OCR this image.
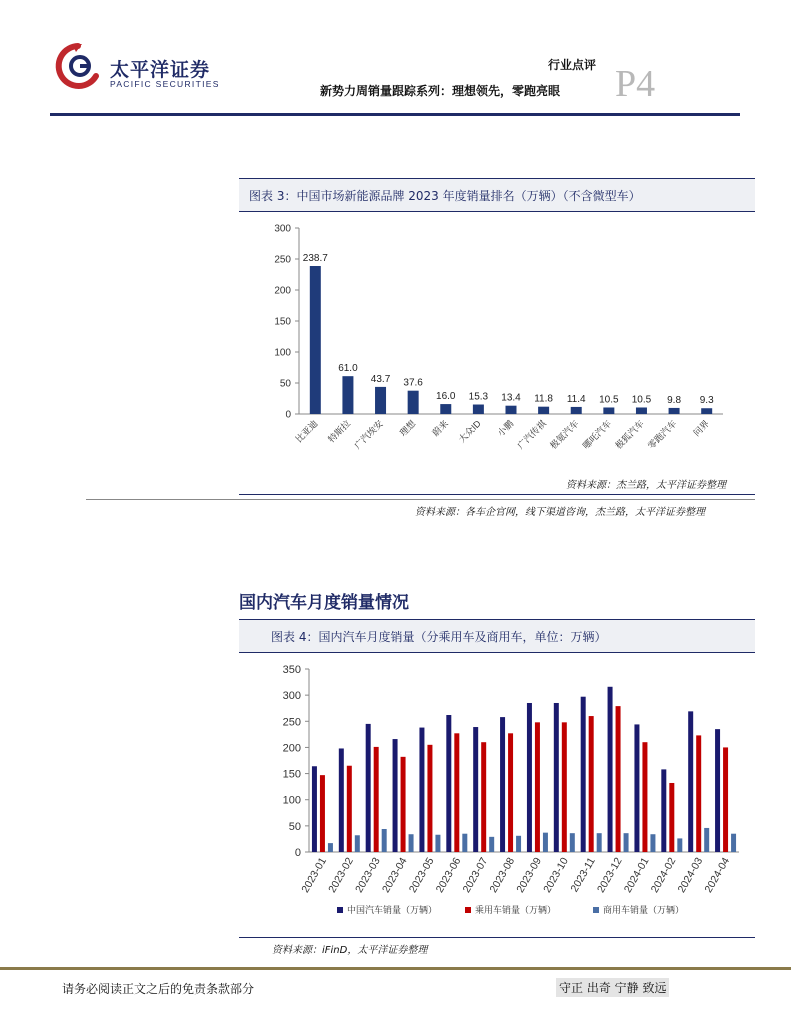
太平洋证券
PACIFIC SECURITIES
行业点评
新势力周销量跟踪系列：理想领先，零跑亮眼 P4
图表 3：中国市场新能源品牌 2023 年度销量排名（万辆）（不含微型车）
0
50
100
150
200
250
300
238.7
比亚迪
61.0
特斯拉
43.7
广汽埃安
37.6
理想
16.0
蔚来
15.3
大众ID
13.4
小鹏
11.8
广汽传祺
11.4
极氪汽车
10.5
哪吒汽车
10.5
极狐汽车
9.8
零跑汽车
9.3
问界
资料来源：杰兰路，太平洋证券整理
资料来源：各车企官网，线下渠道咨询，杰兰路，太平洋证券整理
国内汽车月度销量情况
图表 4：国内汽车月度销量（分乘用车及商用车，单位：万辆）
0
50
100
150
200
250
300
350
2023-01
2023-02
2023-03
2023-04
2023-05
2023-06
2023-07
2023-08
2023-09
2023-10
2023-11
2023-12
2024-01
2024-02
2024-03
2024-04
中国汽车销量（万辆）	乘用车销量（万辆）	商用车销量（万辆）
资料来源：iFinD，太平洋证券整理
请务必阅读正文之后的免责条款部分	守正 出奇 宁静 致远
